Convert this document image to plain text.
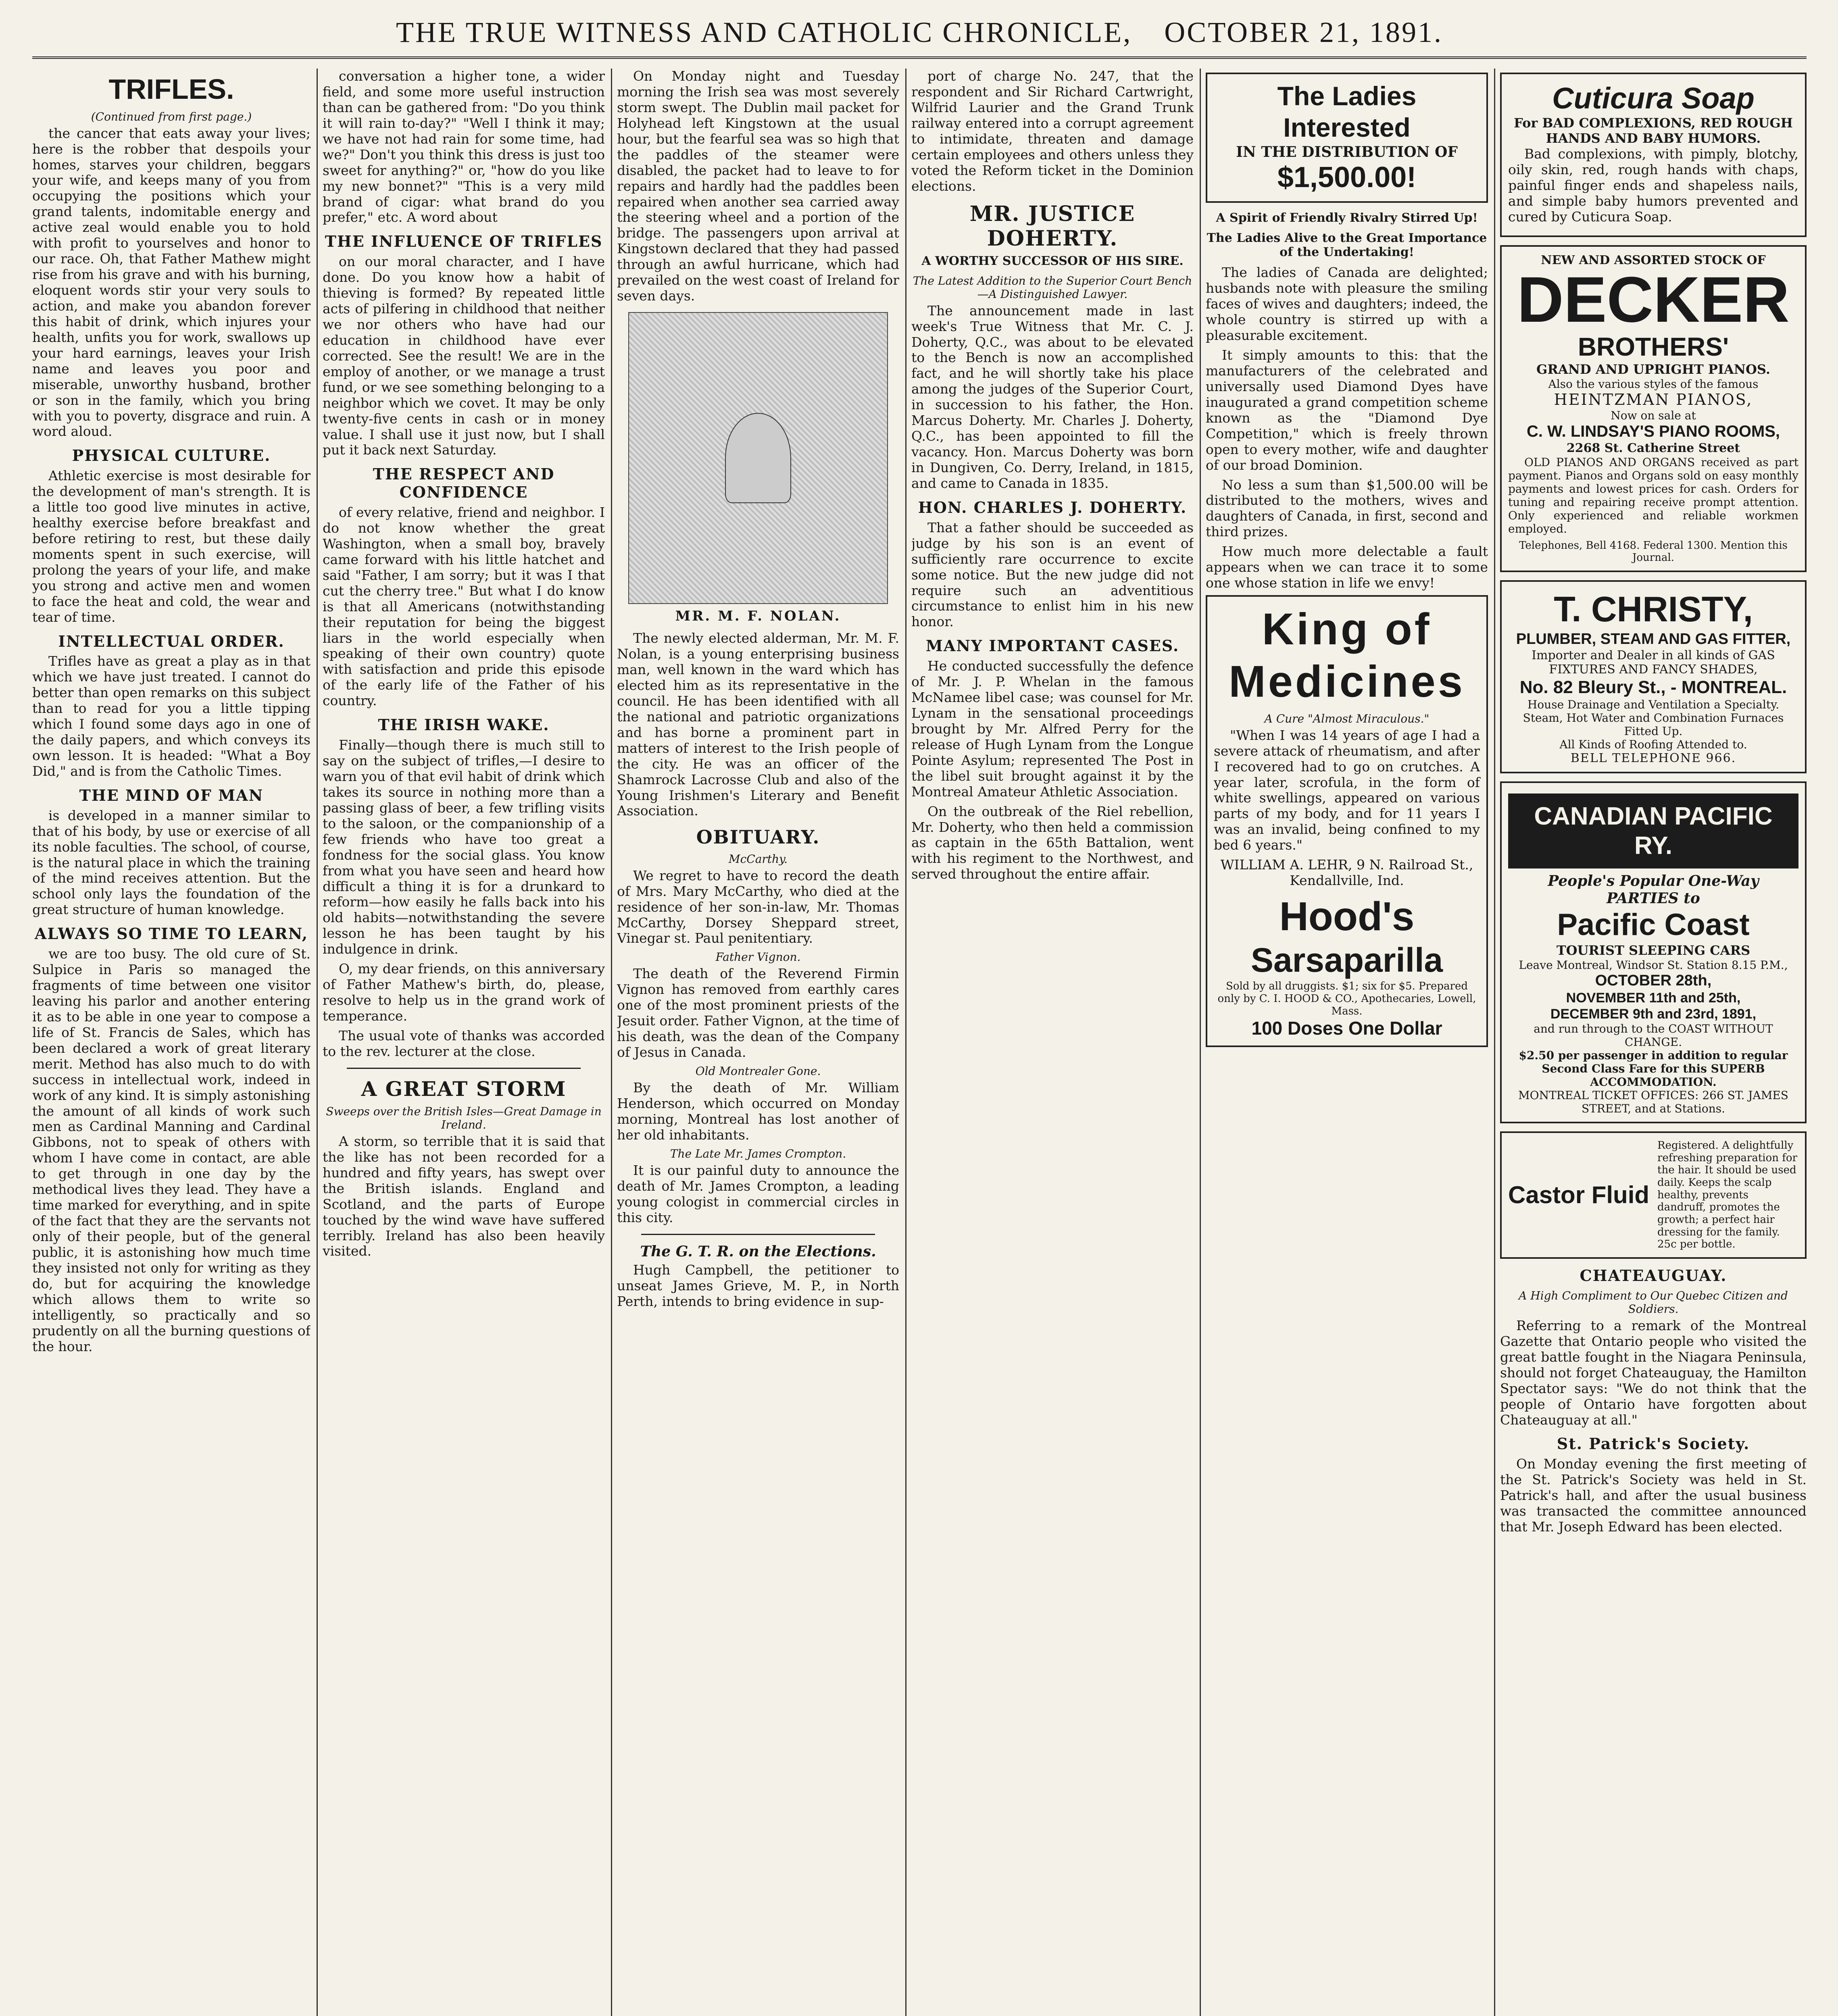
THE TRUE WITNESS AND CATHOLIC CHRONICLE, OCTOBER 21, 1891.
TRIFLES.
(Continued from first page.)

the cancer that eats away your lives; here is the robber that despoils your homes, starves your children, beggars your wife, and keeps many of you from occupying the positions which your grand talents, indomitable energy and active zeal would enable you to hold with profit to yourselves and honor to our race. Oh, that Father Mathew might rise from his grave and with his burning, eloquent words stir your very souls to action, and make you abandon forever this habit of drink, which injures your health, unfits you for work, swallows up your hard earnings, leaves your Irish name and leaves you poor and miserable, unworthy husband, brother or son in the family, which you bring with you to poverty, disgrace and ruin. A word aloud.

PHYSICAL CULTURE.

Athletic exercise is most desirable for the development of man's strength. It is a little too good live minutes in active, healthy exercise before breakfast and before retiring to rest, but these daily moments spent in such exercise, will prolong the years of your life, and make you strong and active men and women to face the heat and cold, the wear and tear of time.

INTELLECTUAL ORDER.

Trifles have as great a play as in that which we have just treated. I cannot do better than open remarks on this subject than to read for you a little tipping which I found some days ago in one of the daily papers, and which conveys its own lesson. It is headed: "What a Boy Did," and is from the Catholic Times.

THE MIND OF MAN

is developed in a manner similar to that of his body, by use or exercise of all its noble faculties. The school, of course, is the natural place in which the training of the mind receives attention. But the school only lays the foundation of the great structure of human knowledge.

ALWAYS SO TIME TO LEARN,

we are too busy. The old cure of St. Sulpice in Paris so managed the fragments of time between one visitor leaving his parlor and another entering it as to be able in one year to compose a life of St. Francis de Sales, which has been declared a work of great literary merit. Method has also much to do with success in intellectual work, indeed in work of any kind. It is simply astonishing the amount of all kinds of work such men as Cardinal Manning and Cardinal Gibbons, not to speak of others with whom I have come in contact, are able to get through in one day by the methodical lives they lead. They have a time marked for everything, and in spite of the fact that they are the servants not only of their people, but of the general public, it is astonishing how much time they insisted not only for writing as they do, but for acquiring the knowledge which allows them to write so intelligently, so practically and so prudently on all the burning questions of the hour.

conversation a higher tone, a wider field, and some more useful instruction than can be gathered from: "Do you think it will rain to-day?" "Well I think it may; we have not had rain for some time, had we?" Don't you think this dress is just too sweet for anything?" or, "how do you like my new bonnet?" "This is a very mild brand of cigar: what brand do you prefer," etc. A word about

THE INFLUENCE OF TRIFLES

on our moral character, and I have done. Do you know how a habit of thieving is formed? By repeated little acts of pilfering in childhood that neither we nor others who have had our education in childhood have ever corrected. See the result! We are in the employ of another, or we manage a trust fund, or we see something belonging to a neighbor which we covet. It may be only twenty-five cents in cash or in money value. I shall use it just now, but I shall put it back next Saturday.

THE RESPECT AND CONFIDENCE

of every relative, friend and neighbor. I do not know whether the great Washington, when a small boy, bravely came forward with his little hatchet and said "Father, I am sorry; but it was I that cut the cherry tree." But what I do know is that all Americans (notwithstanding their reputation for being the biggest liars in the world especially when speaking of their own country) quote with satisfaction and pride this episode of the early life of the Father of his country.

THE IRISH WAKE.

Finally—though there is much still to say on the subject of trifles,—I desire to warn you of that evil habit of drink which takes its source in nothing more than a passing glass of beer, a few trifling visits to the saloon, or the companionship of a few friends who have too great a fondness for the social glass. You know from what you have seen and heard how difficult a thing it is for a drunkard to reform—how easily he falls back into his old habits—notwithstanding the severe lesson he has been taught by his indulgence in drink.

O, my dear friends, on this anniversary of Father Mathew's birth, do, please, resolve to help us in the grand work of temperance.

The usual vote of thanks was accorded to the rev. lecturer at the close.

A GREAT STORM
Sweeps over the British Isles—Great Damage in Ireland.

A storm, so terrible that it is said that the like has not been recorded for a hundred and fifty years, has swept over the British islands. England and Scotland, and the parts of Europe touched by the wind wave have suffered terribly. Ireland has also been heavily visited.

On Monday night and Tuesday morning the Irish sea was most severely storm swept. The Dublin mail packet for Holyhead left Kingstown at the usual hour, but the fearful sea was so high that the paddles of the steamer were disabled, the packet had to leave to for repairs and hardly had the paddles been repaired when another sea carried away the steering wheel and a portion of the bridge. The passengers upon arrival at Kingstown declared that they had passed through an awful hurricane, which had prevailed on the west coast of Ireland for seven days.

MR. M. F. NOLAN.

The newly elected alderman, Mr. M. F. Nolan, is a young enterprising business man, well known in the ward which has elected him as its representative in the council. He has been identified with all the national and patriotic organizations and has borne a prominent part in matters of interest to the Irish people of the city. He was an officer of the Shamrock Lacrosse Club and also of the Young Irishmen's Literary and Benefit Association.

OBITUARY.
McCarthy.

We regret to have to record the death of Mrs. Mary McCarthy, who died at the residence of her son-in-law, Mr. Thomas McCarthy, Dorsey Sheppard street, Vinegar st. Paul penitentiary.

Father Vignon.

The death of the Reverend Firmin Vignon has removed from earthly cares one of the most prominent priests of the Jesuit order. Father Vignon, at the time of his death, was the dean of the Company of Jesus in Canada.

Old Montrealer Gone.

By the death of Mr. William Henderson, which occurred on Monday morning, Montreal has lost another of her old inhabitants.

The Late Mr. James Crompton.

It is our painful duty to announce the death of Mr. James Crompton, a leading young cologist in commercial circles in this city.

The G. T. R. on the Elections.

Hugh Campbell, the petitioner to unseat James Grieve, M. P., in North Perth, intends to bring evidence in sup-

port of charge No. 247, that the respondent and Sir Richard Cartwright, Wilfrid Laurier and the Grand Trunk railway entered into a corrupt agreement to intimidate, threaten and damage certain employees and others unless they voted the Reform ticket in the Dominion elections.

MR. JUSTICE DOHERTY.
A WORTHY SUCCESSOR OF HIS SIRE.
The Latest Addition to the Superior Court Bench—A Distinguished Lawyer.

The announcement made in last week's True Witness that Mr. C. J. Doherty, Q.C., was about to be elevated to the Bench is now an accomplished fact, and he will shortly take his place among the judges of the Superior Court, in succession to his father, the Hon. Marcus Doherty. Mr. Charles J. Doherty, Q.C., has been appointed to fill the vacancy. Hon. Marcus Doherty was born in Dungiven, Co. Derry, Ireland, in 1815, and came to Canada in 1835.

HON. CHARLES J. DOHERTY.

That a father should be succeeded as judge by his son is an event of sufficiently rare occurrence to excite some notice. But the new judge did not require such an adventitious circumstance to enlist him in his new honor.

MANY IMPORTANT CASES.

He conducted successfully the defence of Mr. J. P. Whelan in the famous McNamee libel case; was counsel for Mr. Lynam in the sensational proceedings brought by Mr. Alfred Perry for the release of Hugh Lynam from the Longue Pointe Asylum; represented The Post in the libel suit brought against it by the Montreal Amateur Athletic Association.

On the outbreak of the Riel rebellion, Mr. Doherty, who then held a commission as captain in the 65th Battalion, went with his regiment to the Northwest, and served throughout the entire affair.

The Ladies Interested
IN THE DISTRIBUTION OF
$1,500.00!
A Spirit of Friendly Rivalry Stirred Up!
The Ladies Alive to the Great Importance of the Undertaking!

The ladies of Canada are delighted; husbands note with pleasure the smiling faces of wives and daughters; indeed, the whole country is stirred up with a pleasurable excitement.

It simply amounts to this: that the manufacturers of the celebrated and universally used Diamond Dyes have inaugurated a grand competition scheme known as the "Diamond Dye Competition," which is freely thrown open to every mother, wife and daughter of our broad Dominion.

No less a sum than $1,500.00 will be distributed to the mothers, wives and daughters of Canada, in first, second and third prizes.

How much more delectable a fault appears when we can trace it to some one whose station in life we envy!

King of
Medicines
A Cure "Almost Miraculous."

"When I was 14 years of age I had a severe attack of rheumatism, and after I recovered had to go on crutches. A year later, scrofula, in the form of white swellings, appeared on various parts of my body, and for 11 years I was an invalid, being confined to my bed 6 years."

WILLIAM A. LEHR, 9 N. Railroad St., Kendallville, Ind.

Hood's
Sarsaparilla
Sold by all druggists. $1; six for $5. Prepared only by C. I. HOOD & CO., Apothecaries, Lowell, Mass.
100 Doses One Dollar
Cuticura Soap
For BAD COMPLEXIONS, RED ROUGH HANDS AND BABY HUMORS.

Bad complexions, with pimply, blotchy, oily skin, red, rough hands with chaps, painful finger ends and shapeless nails, and simple baby humors prevented and cured by Cuticura Soap.

NEW AND ASSORTED STOCK OF
DECKER
BROTHERS'
GRAND AND UPRIGHT PIANOS.
Also the various styles of the famous
HEINTZMAN PIANOS,
Now on sale at
C. W. LINDSAY'S PIANO ROOMS,
2268 St. Catherine Street

OLD PIANOS AND ORGANS received as part payment. Pianos and Organs sold on easy monthly payments and lowest prices for cash. Orders for tuning and repairing receive prompt attention. Only experienced and reliable workmen employed.

Telephones, Bell 4168. Federal 1300. Mention this Journal.
T. CHRISTY,
PLUMBER, STEAM AND GAS FITTER,
Importer and Dealer in all kinds of GAS FIXTURES AND FANCY SHADES,
No. 82 Bleury St., - MONTREAL.
House Drainage and Ventilation a Specialty. Steam, Hot Water and Combination Furnaces Fitted Up.
All Kinds of Roofing Attended to.
BELL TELEPHONE 966.
CANADIAN PACIFIC RY.
People's Popular One-Way
PARTIES to
Pacific Coast
TOURIST SLEEPING CARS
Leave Montreal, Windsor St. Station 8.15 P.M.,
OCTOBER 28th,
NOVEMBER 11th and 25th,
DECEMBER 9th and 23rd, 1891,
and run through to the COAST WITHOUT CHANGE.
$2.50 per passenger in addition to regular Second Class Fare for this SUPERB ACCOMMODATION.
MONTREAL TICKET OFFICES: 266 ST. JAMES STREET, and at Stations.
Castor Fluid
Registered. A delightfully refreshing preparation for the hair. It should be used daily. Keeps the scalp healthy, prevents dandruff, promotes the growth; a perfect hair dressing for the family. 25c per bottle.
CHATEAUGUAY.
A High Compliment to Our Quebec Citizen and Soldiers.

Referring to a remark of the Montreal Gazette that Ontario people who visited the great battle fought in the Niagara Peninsula, should not forget Chateauguay, the Hamilton Spectator says: "We do not think that the people of Ontario have forgotten about Chateauguay at all."

St. Patrick's Society.

On Monday evening the first meeting of the St. Patrick's Society was held in St. Patrick's hall, and after the usual business was transacted the committee announced that Mr. Joseph Edward has been elected.
